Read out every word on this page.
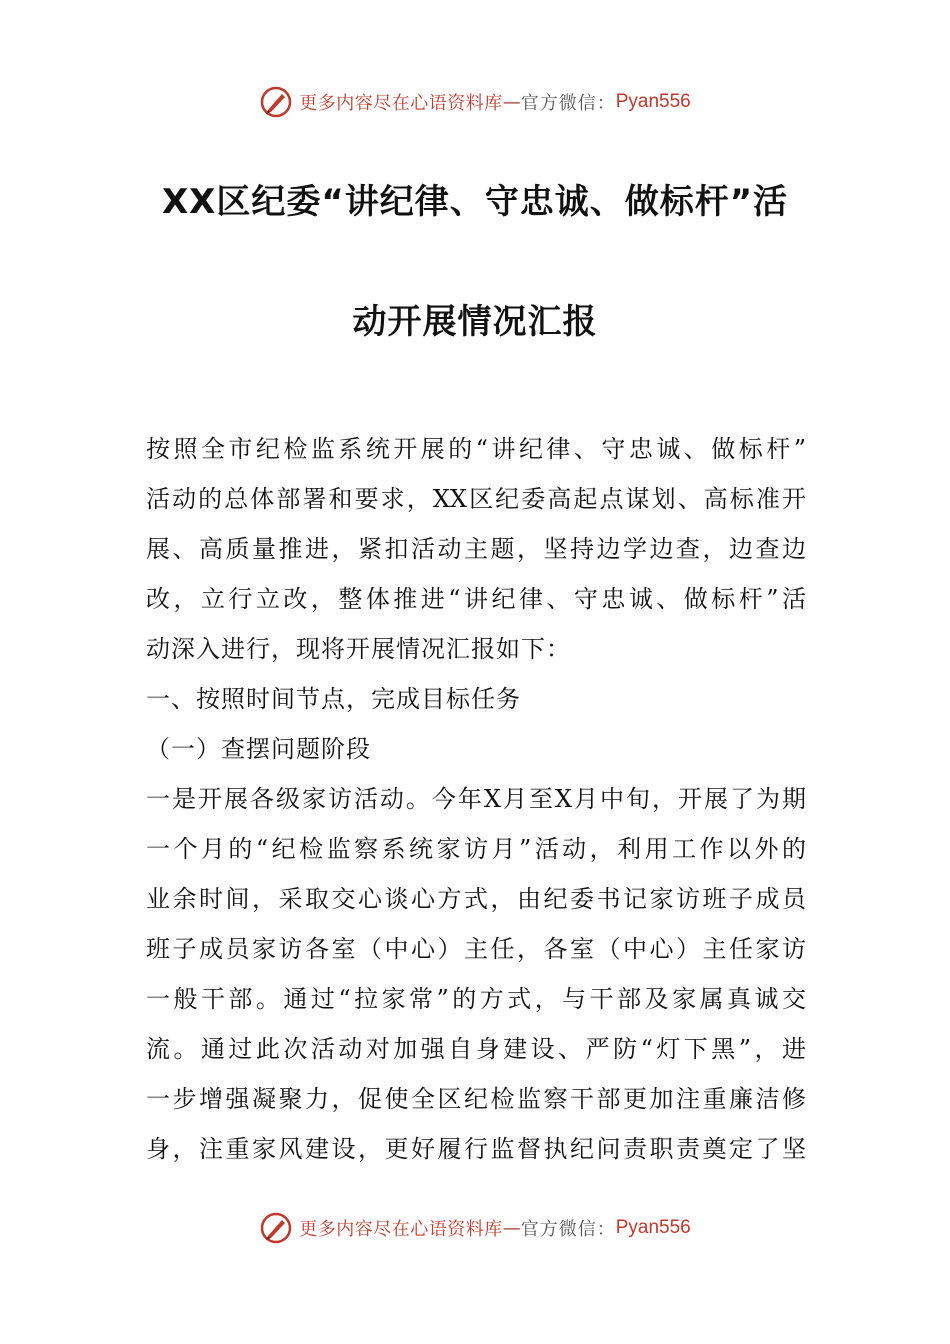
更多内容尽在心语资料库 — 官方微信： Pyan556
XX区纪委“讲纪律、守忠诚、做标杆”活
动开展情况汇报
按照全市纪检监系统开展的“讲纪律、守忠诚、做标杆”
活动的总体部署和要求，XX区纪委高起点谋划、高标准开
展、高质量推进，紧扣活动主题，坚持边学边查，边查边
改，立行立改，整体推进“讲纪律、守忠诚、做标杆”活
动深入进行，现将开展情况汇报如下：
一、按照时间节点，完成目标任务
（一）查摆问题阶段
一是开展各级家访活动。今年X月至X月中旬，开展了为期
一个月的“纪检监察系统家访月”活动，利用工作以外的
业余时间，采取交心谈心方式，由纪委书记家访班子成员
班子成员家访各室（中心）主任，各室（中心）主任家访
一般干部。通过“拉家常”的方式，与干部及家属真诚交
流。通过此次活动对加强自身建设、严防“灯下黑”，进
一步增强凝聚力，促使全区纪检监察干部更加注重廉洁修
身，注重家风建设，更好履行监督执纪问责职责奠定了坚
更多内容尽在心语资料库 — 官方微信： Pyan556
